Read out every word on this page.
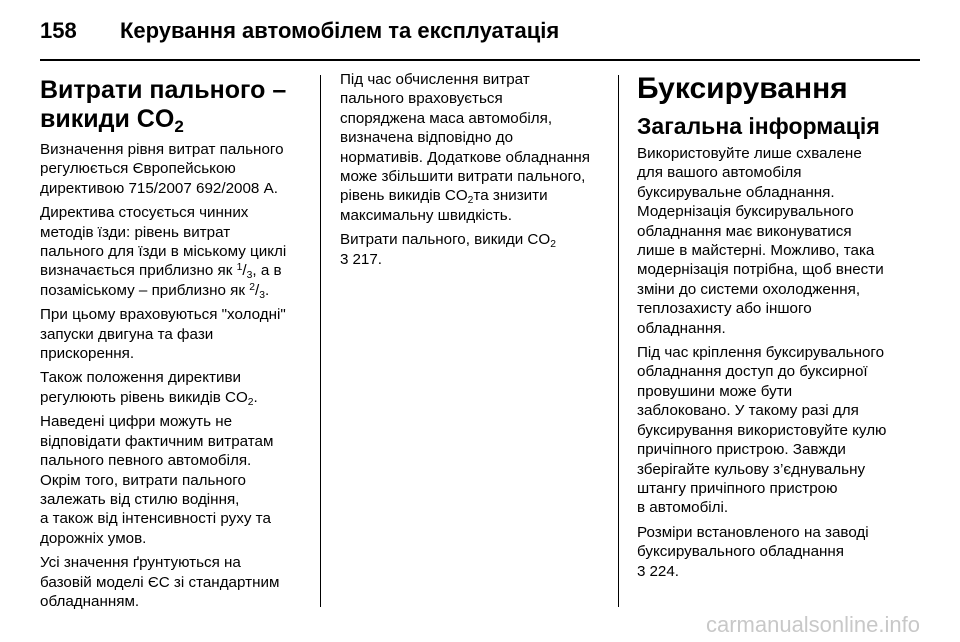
158 Керування автомобілем та експлуатація
Витрати пального –
викиди $CO_2$

Визначення рівня витрат пального
регулюється Європейською
директивою 715/2007 692/2008 A.

Директива стосується чинних
методів їзди: рівень витрат
пального для їзди в міському циклі
визначається приблизно як $^1/_3$, а в
позаміському – приблизно як $^2/_3$.

При цьому враховуються "холодні"
запуски двигуна та фази
прискорення.

Також положення директиви
регулюють рівень викидів $CO_2$.

Наведені цифри можуть не
відповідати фактичним витратам
пального певного автомобіля.
Окрім того, витрати пального
залежать від стилю водіння,
а також від інтенсивності руху та
дорожніх умов.

Усі значення ґрунтуються на
базовій моделі ЄС зі стандартним
обладнанням.

Під час обчислення витрат
пального враховується
споряджена маса автомобіля,
визначена відповідно до
нормативів. Додаткове обладнання
може збільшити витрати пального,
рівень викидів $CO_2та$ знизити
максимальну швидкість.

Витрати пального, викиди $CO_2$
3 217.

Буксирування
Загальна інформація

Використовуйте лише схвалене
для вашого автомобіля
буксирувальне обладнання.
Модернізація буксирувального
обладнання має виконуватися
лише в майстерні. Можливо, така
модернізація потрібна, щоб внести
зміни до системи охолодження,
теплозахисту або іншого
обладнання.

Під час кріплення буксирувального
обладнання доступ до буксирної
провушини може бути
заблоковано. У такому разі для
буксирування використовуйте кулю
причіпного пристрою. Завжди
зберігайте кульову з’єднувальну
штангу причіпного пристрою
в автомобілі.

Розміри встановленого на заводі
буксирувального обладнання
3 224.

carmanualsonline.info
